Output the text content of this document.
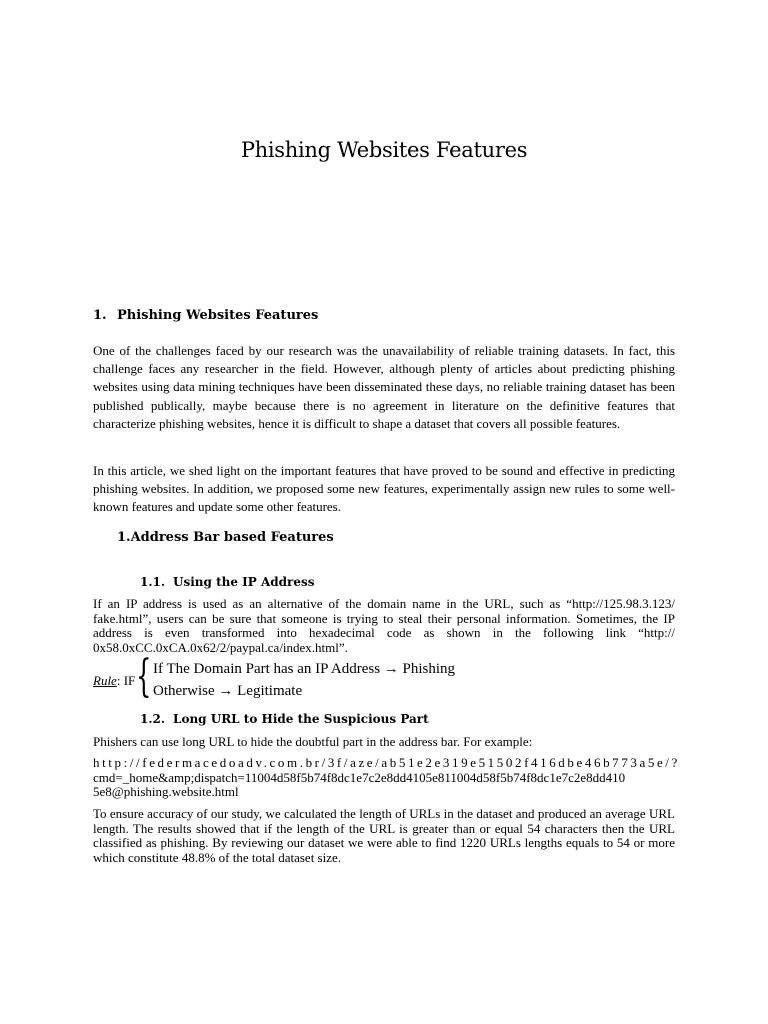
Phishing Websites Features
1. Phishing Websites Features

One of the challenges faced by our research was the unavailability of reliable training datasets. In fact, this challenge faces any researcher in the field. However, although plenty of articles about predicting phishing websites using data mining techniques have been disseminated these days, no reliable training dataset has been published publically, maybe because there is no agreement in literature on the definitive features that characterize phishing websites, hence it is difficult to shape a dataset that covers all possible features.

In this article, we shed light on the important features that have proved to be sound and effective in predicting phishing websites. In addition, we proposed some new features, experimentally assign new rules to some well-known features and update some other features.

1.Address Bar based Features
1.1. Using the IP Address

If an IP address is used as an alternative of the domain name in the URL, such as “http://125.98.3.123/ fake.html”, users can be sure that someone is trying to steal their personal information. Sometimes, the IP address is even transformed into hexadecimal code as shown in the following link “http:// 0x58.0xCC.0xCA.0x62/2/paypal.ca/index.html”.

Rule: IF { If The Domain Part has an IP Address → Phishing
Otherwise → Legitimate
1.2. Long URL to Hide the Suspicious Part

Phishers can use long URL to hide the doubtful part in the address bar. For example:

http://federmacedoadv.com.br/3f/aze/ab51e2e319e51502f416dbe46b773a5e/?
cmd=_home&amp;dispatch=11004d58f5b74f8dc1e7c2e8dd4105e811004d58f5b74f8dc1e7c2e8dd410
5e8@phishing.website.html

To ensure accuracy of our study, we calculated the length of URLs in the dataset and produced an average URL length. The results showed that if the length of the URL is greater than or equal 54 characters then the URL classified as phishing. By reviewing our dataset we were able to find 1220 URLs lengths equals to 54 or more which constitute 48.8% of the total dataset size.
